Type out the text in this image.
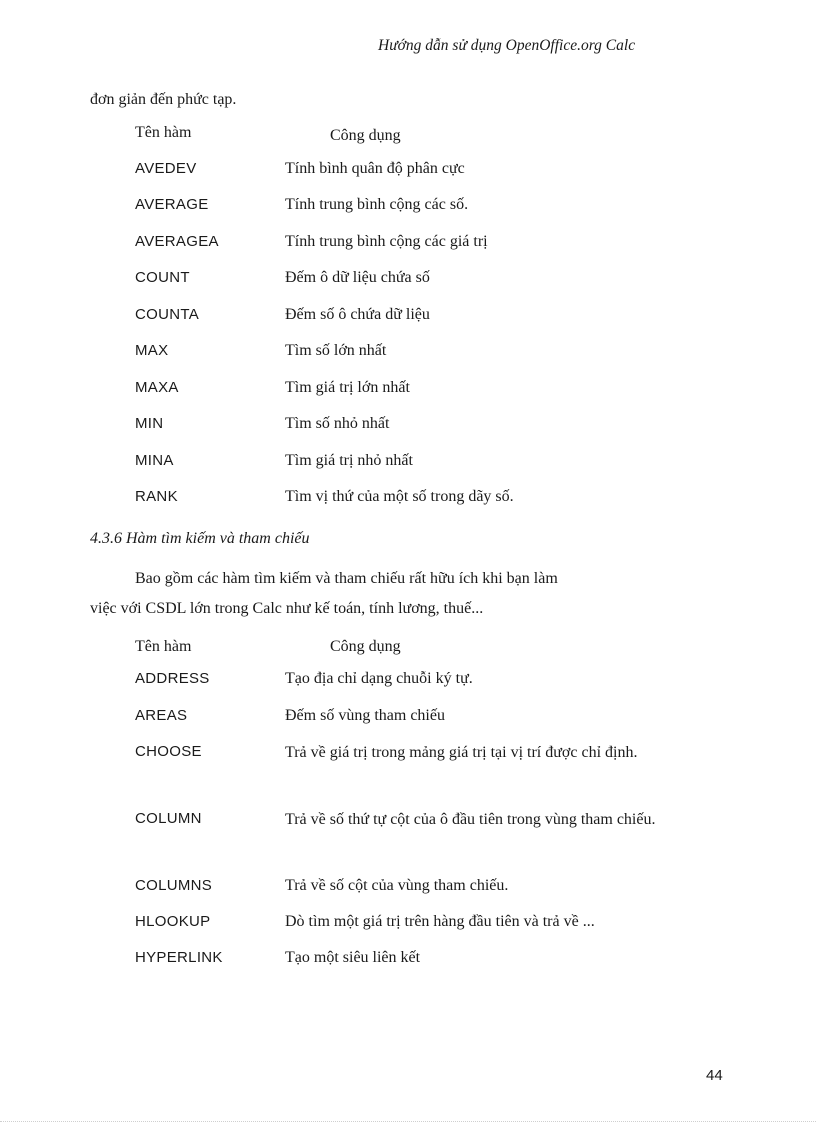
Hướng dẫn sử dụng OpenOffice.org Calc
đơn giản đến phức tạp.
Tên hàm	Công dụng
AVEDEV	Tính bình quân độ phân cực
AVERAGE	Tính trung bình cộng các số.
AVERAGEA	Tính trung bình cộng các giá trị
COUNT	Đếm ô dữ liệu chứa số
COUNTA	Đếm số ô chứa dữ liệu
MAX	Tìm số lớn nhất
MAXA	Tìm giá trị lớn nhất
MIN	Tìm số nhỏ nhất
MINA	Tìm giá trị nhỏ nhất
RANK	Tìm vị thứ của một số trong dãy số.
4.3.6 Hàm tìm kiếm và tham chiếu
Bao gồm các hàm tìm kiếm và tham chiếu rất hữu ích khi bạn làm
việc với CSDL lớn trong Calc như kế toán, tính lương, thuế...
Tên hàm	Công dụng
ADDRESS	Tạo địa chỉ dạng chuỗi ký tự.
AREAS	Đếm số vùng tham chiếu
CHOOSE	Trả về giá trị trong mảng giá trị tại vị trí được chỉ định.
COLUMN	Trả về số thứ tự cột của ô đầu tiên trong vùng tham chiếu.
COLUMNS	Trả về số cột của vùng tham chiếu.
HLOOKUP	Dò tìm một giá trị trên hàng đầu tiên và trả về ...
HYPERLINK	Tạo một siêu liên kết
44
